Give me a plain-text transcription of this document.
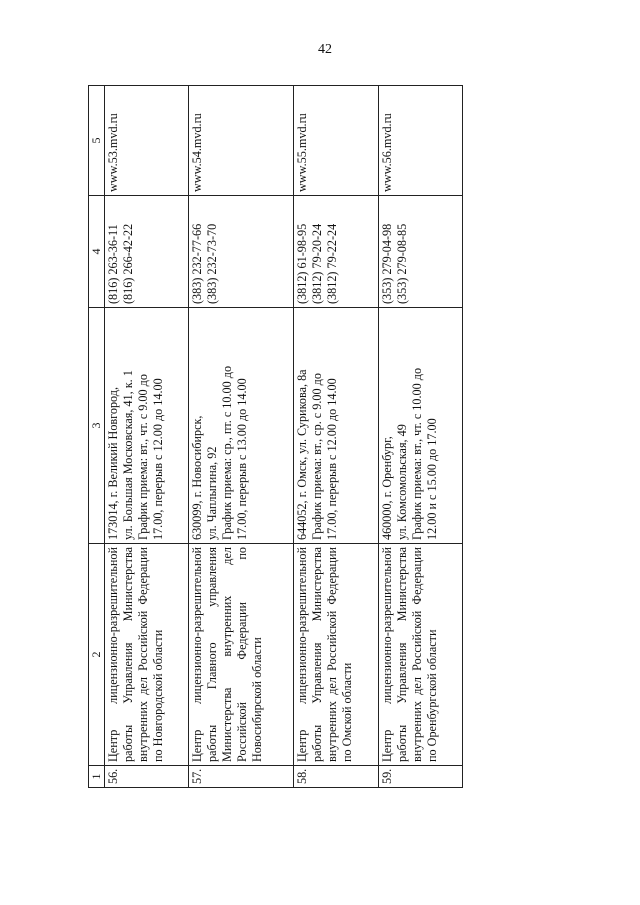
42
1	2	3	4	5
56.	Центр лицензионно-разрешительной работы Управления Министерства внутренних дел Российской Федерации по Новгородской области	173014, г. Великий Новгород, ул. Большая Московская, 41, к. 1 График приема: вт., чт. с 9.00 до 17.00, перерыв с 12.00 до 14.00	(816) 263-36-11 (816) 266-42-22	www.53.mvd.ru
57.	Центр лицензионно-разрешительной работы Главного управления Министерства внутренних дел Российской Федерации по Новосибирской области	630099, г. Новосибирск, ул. Чаплыгина, 92 График приема: ср., пт. с 10.00 до 17.00, перерыв с 13.00 до 14.00	(383) 232-77-66 (383) 232-73-70	www.54.mvd.ru
58.	Центр лицензионно-разрешительной работы Управления Министерства внутренних дел Российской Федерации по Омской области	644052, г. Омск, ул. Сурикова, 8а График приема: вт., ср. с 9.00 до 17.00, перерыв с 12.00 до 14.00	(3812) 61-98-95 (3812) 79-20-24 (3812) 79-22-24	www.55.mvd.ru
59.	Центр лицензионно-разрешительной работы Управления Министерства внутренних дел Российской Федерации по Оренбургской области	460000, г. Оренбург, ул. Комсомольская, 49 График приема: вт., чт. с 10.00 до 12.00 и с 15.00 до 17.00	(353) 279-04-98 (353) 279-08-85	www.56.mvd.ru
